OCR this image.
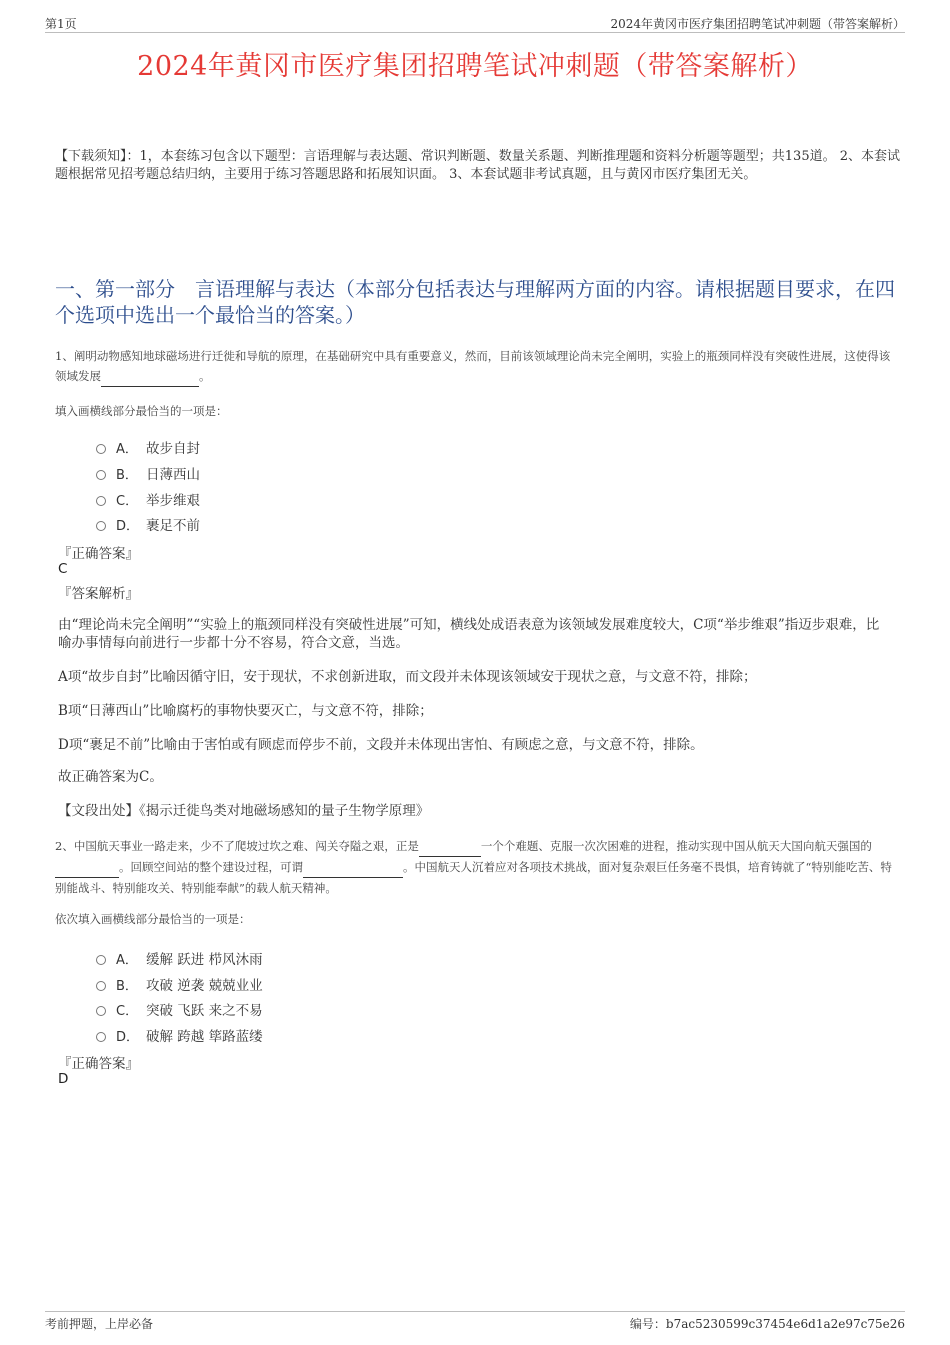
第1页	2024年黄冈市医疗集团招聘笔试冲刺题（带答案解析）
2024年黄冈市医疗集团招聘笔试冲刺题（带答案解析）
【下载须知】：1，本套练习包含以下题型：言语理解与表达题、常识判断题、数量关系题、判断推理题和资料分析题等题型；共135道。 2、本套试题根据常见招考题总结归纳，主要用于练习答题思路和拓展知识面。 3、本套试题非考试真题，且与黄冈市医疗集团无关。
一、第一部分　言语理解与表达（本部分包括表达与理解两方面的内容。请根据题目要求，在四个选项中选出一个最恰当的答案。）
1、阐明动物感知地球磁场进行迁徙和导航的原理，在基础研究中具有重要意义，然而，目前该领域理论尚未完全阐明，实验上的瓶颈同样没有突破性进展，这使得该领域发展	。
填入画横线部分最恰当的一项是：
A． 故步自封
B． 日薄西山
C． 举步维艰
D． 裹足不前
『正确答案』
C
『答案解析』
由“理论尚未完全阐明”“实验上的瓶颈同样没有突破性进展”可知，横线处成语表意为该领域发展难度较大，C项“举步维艰”指迈步艰难，比喻办事情每向前进行一步都十分不容易，符合文意，当选。
A项“故步自封”比喻因循守旧，安于现状，不求创新进取，而文段并未体现该领域安于现状之意，与文意不符，排除；
B项“日薄西山”比喻腐朽的事物快要灭亡，与文意不符，排除；
D项“裹足不前”比喻由于害怕或有顾虑而停步不前，文段并未体现出害怕、有顾虑之意，与文意不符，排除。
故正确答案为C。
【文段出处】《揭示迁徙鸟类对地磁场感知的量子生物学原理》
2、中国航天事业一路走来，少不了爬坡过坎之难、闯关夺隘之艰，正是	一个个难题、克服一次次困难的进程，推动实现中国从航天大国向航天强国的 。回顾空间站的整个建设过程，可谓	。中国航天人沉着应对各项技术挑战，面对复杂艰巨任务毫不畏惧，培育铸就了“特别能吃苦、特别能战斗、特别能攻关、特别能奉献”的载人航天精神。
依次填入画横线部分最恰当的一项是：
A． 缓解 跃进 栉风沐雨
B． 攻破 逆袭 兢兢业业
C． 突破 飞跃 来之不易
D． 破解 跨越 筚路蓝缕
『正确答案』
D
考前押题，上岸必备	编号：b7ac5230599c37454e6d1a2e97c75e26
